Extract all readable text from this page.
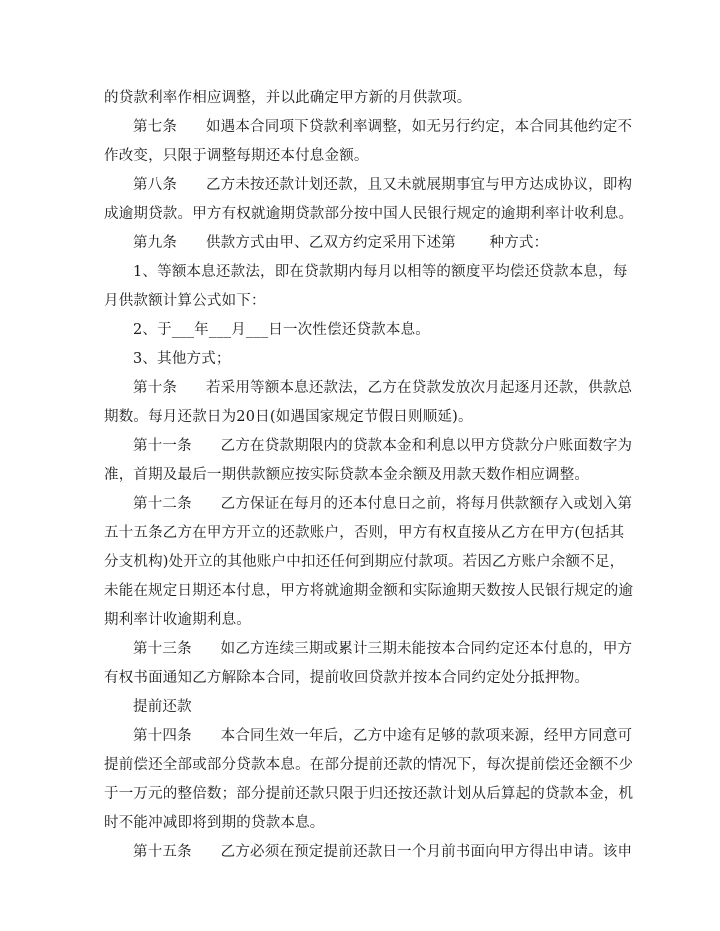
的贷款利率作相应调整，并以此确定甲方新的月供款项。
第七条      如遇本合同项下贷款利率调整，如无另行约定，本合同其他约定不
作改变，只限于调整每期还本付息金额。
第八条      乙方未按还款计划还款，且又未就展期事宜与甲方达成协议，即构
成逾期贷款。甲方有权就逾期贷款部分按中国人民银行规定的逾期利率计收利息。
第九条      供款方式由甲、乙双方约定采用下述第       种方式：
1、等额本息还款法，即在贷款期内每月以相等的额度平均偿还贷款本息，每
月供款额计算公式如下：
2、于___年___月___日一次性偿还贷款本息。
3、其他方式；
第十条      若采用等额本息还款法，乙方在贷款发放次月起逐月还款，供款总
期数。每月还款日为20日(如遇国家规定节假日则顺延)。
第十一条      乙方在贷款期限内的贷款本金和利息以甲方贷款分户账面数字为
准，首期及最后一期供款额应按实际贷款本金余额及用款天数作相应调整。
第十二条      乙方保证在每月的还本付息日之前，将每月供款额存入或划入第
五十五条乙方在甲方开立的还款账户，否则，甲方有权直接从乙方在甲方(包括其
分支机构)处开立的其他账户中扣还任何到期应付款项。若因乙方账户余额不足，
未能在规定日期还本付息，甲方将就逾期金额和实际逾期天数按人民银行规定的逾
期利率计收逾期利息。
第十三条      如乙方连续三期或累计三期未能按本合同约定还本付息的，甲方
有权书面通知乙方解除本合同，提前收回贷款并按本合同约定处分抵押物。
提前还款
第十四条      本合同生效一年后，乙方中途有足够的款项来源，经甲方同意可
提前偿还全部或部分贷款本息。在部分提前还款的情况下，每次提前偿还金额不少
于一万元的整倍数；部分提前还款只限于归还按还款计划从后算起的贷款本金，机
时不能冲减即将到期的贷款本息。
第十五条      乙方必须在预定提前还款日一个月前书面向甲方得出申请。该申
